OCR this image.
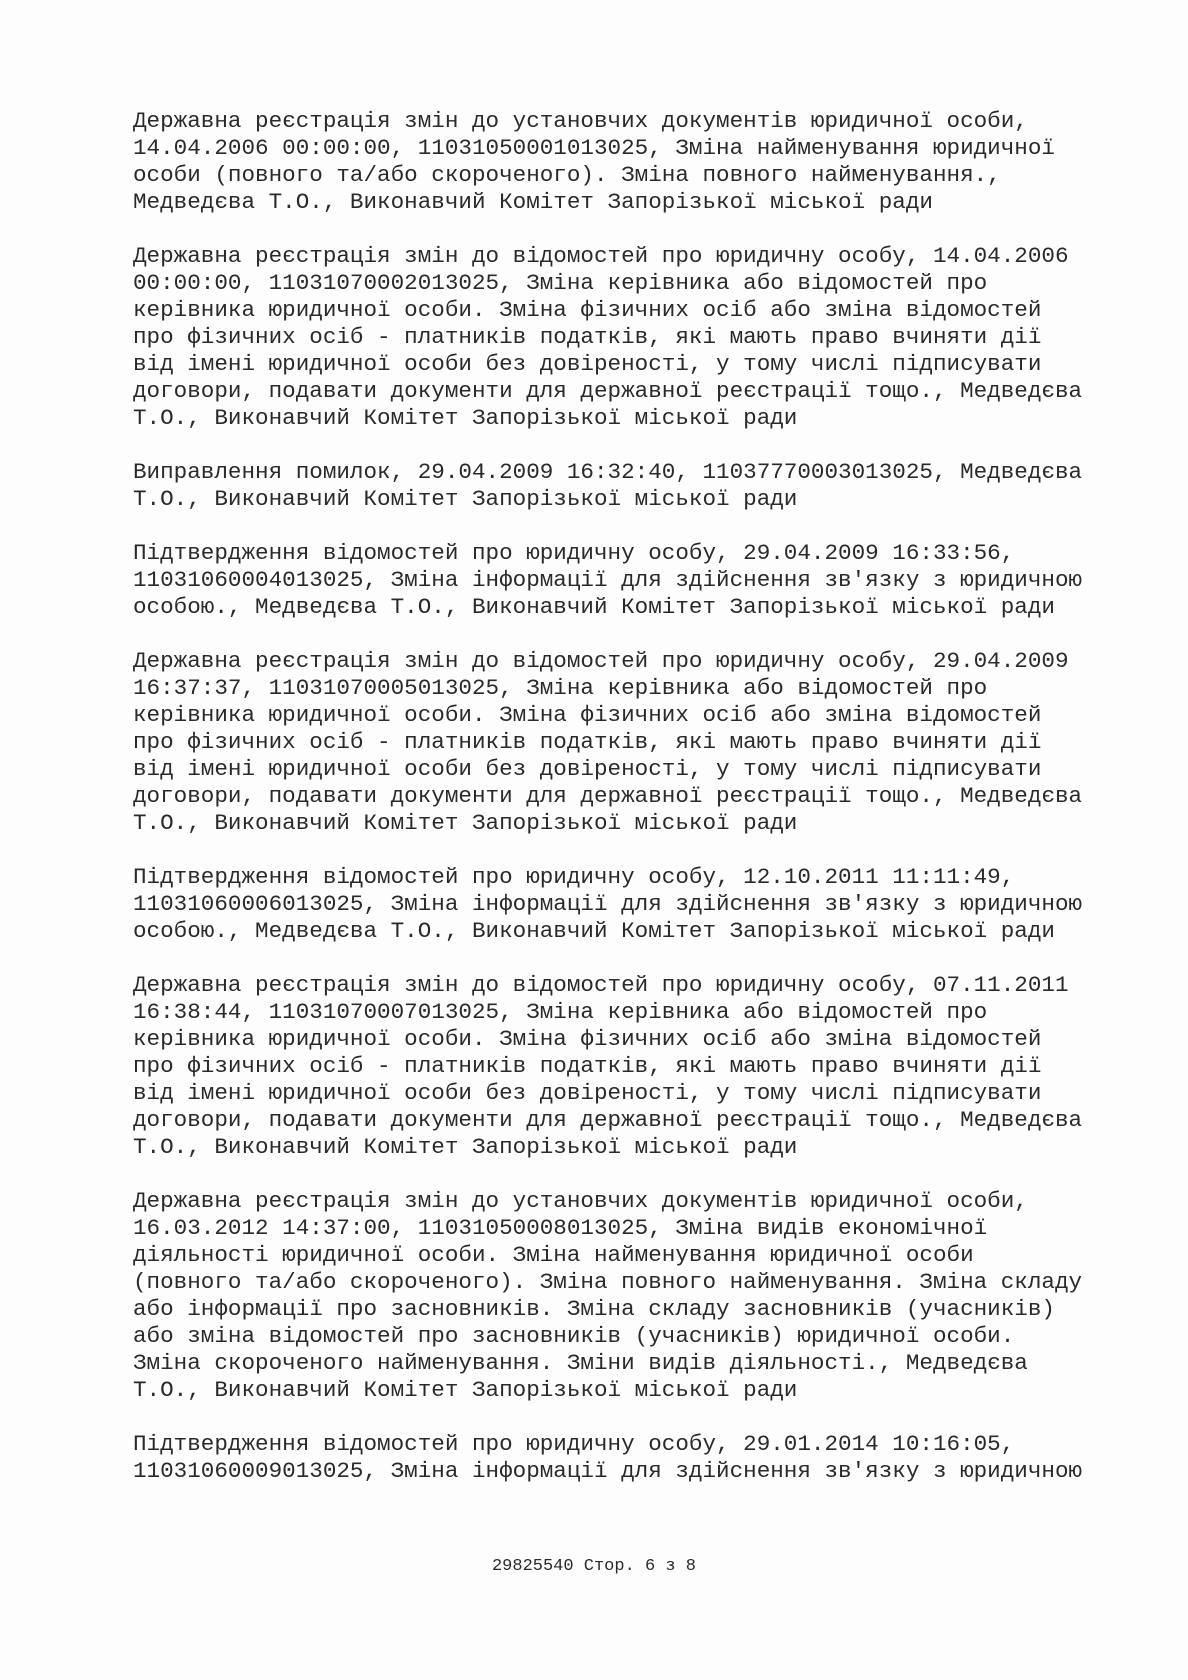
Державна реєстрація змін до установчих документів юридичної особи,
14.04.2006 00:00:00, 11031050001013025, Зміна найменування юридичної
особи (повного та/або скороченого). Зміна повного найменування.,
Медведєва Т.О., Виконавчий Комітет Запорізької міської ради
Державна реєстрація змін до відомостей про юридичну особу, 14.04.2006
00:00:00, 11031070002013025, Зміна керівника або відомостей про
керівника юридичної особи. Зміна фізичних осіб або зміна відомостей
про фізичних осіб - платників податків, які мають право вчиняти дії
від імені юридичної особи без довіреності, у тому числі підписувати
договори, подавати документи для державної реєстрації тощо., Медведєва
Т.О., Виконавчий Комітет Запорізької міської ради
Виправлення помилок, 29.04.2009 16:32:40, 11037770003013025, Медведєва
Т.О., Виконавчий Комітет Запорізької міської ради
Підтвердження відомостей про юридичну особу, 29.04.2009 16:33:56,
11031060004013025, Зміна інформації для здійснення зв'язку з юридичною
особою., Медведєва Т.О., Виконавчий Комітет Запорізької міської ради
Державна реєстрація змін до відомостей про юридичну особу, 29.04.2009
16:37:37, 11031070005013025, Зміна керівника або відомостей про
керівника юридичної особи. Зміна фізичних осіб або зміна відомостей
про фізичних осіб - платників податків, які мають право вчиняти дії
від імені юридичної особи без довіреності, у тому числі підписувати
договори, подавати документи для державної реєстрації тощо., Медведєва
Т.О., Виконавчий Комітет Запорізької міської ради
Підтвердження відомостей про юридичну особу, 12.10.2011 11:11:49,
11031060006013025, Зміна інформації для здійснення зв'язку з юридичною
особою., Медведєва Т.О., Виконавчий Комітет Запорізької міської ради
Державна реєстрація змін до відомостей про юридичну особу, 07.11.2011
16:38:44, 11031070007013025, Зміна керівника або відомостей про
керівника юридичної особи. Зміна фізичних осіб або зміна відомостей
про фізичних осіб - платників податків, які мають право вчиняти дії
від імені юридичної особи без довіреності, у тому числі підписувати
договори, подавати документи для державної реєстрації тощо., Медведєва
Т.О., Виконавчий Комітет Запорізької міської ради
Державна реєстрація змін до установчих документів юридичної особи,
16.03.2012 14:37:00, 11031050008013025, Зміна видів економічної
діяльності юридичної особи. Зміна найменування юридичної особи
(повного та/або скороченого). Зміна повного найменування. Зміна складу
або інформації про засновників. Зміна складу засновників (учасників)
або зміна відомостей про засновників (учасників) юридичної особи.
Зміна скороченого найменування. Зміни видів діяльності., Медведєва
Т.О., Виконавчий Комітет Запорізької міської ради
Підтвердження відомостей про юридичну особу, 29.01.2014 10:16:05,
11031060009013025, Зміна інформації для здійснення зв'язку з юридичною
29825540 Стор. 6 з 8
